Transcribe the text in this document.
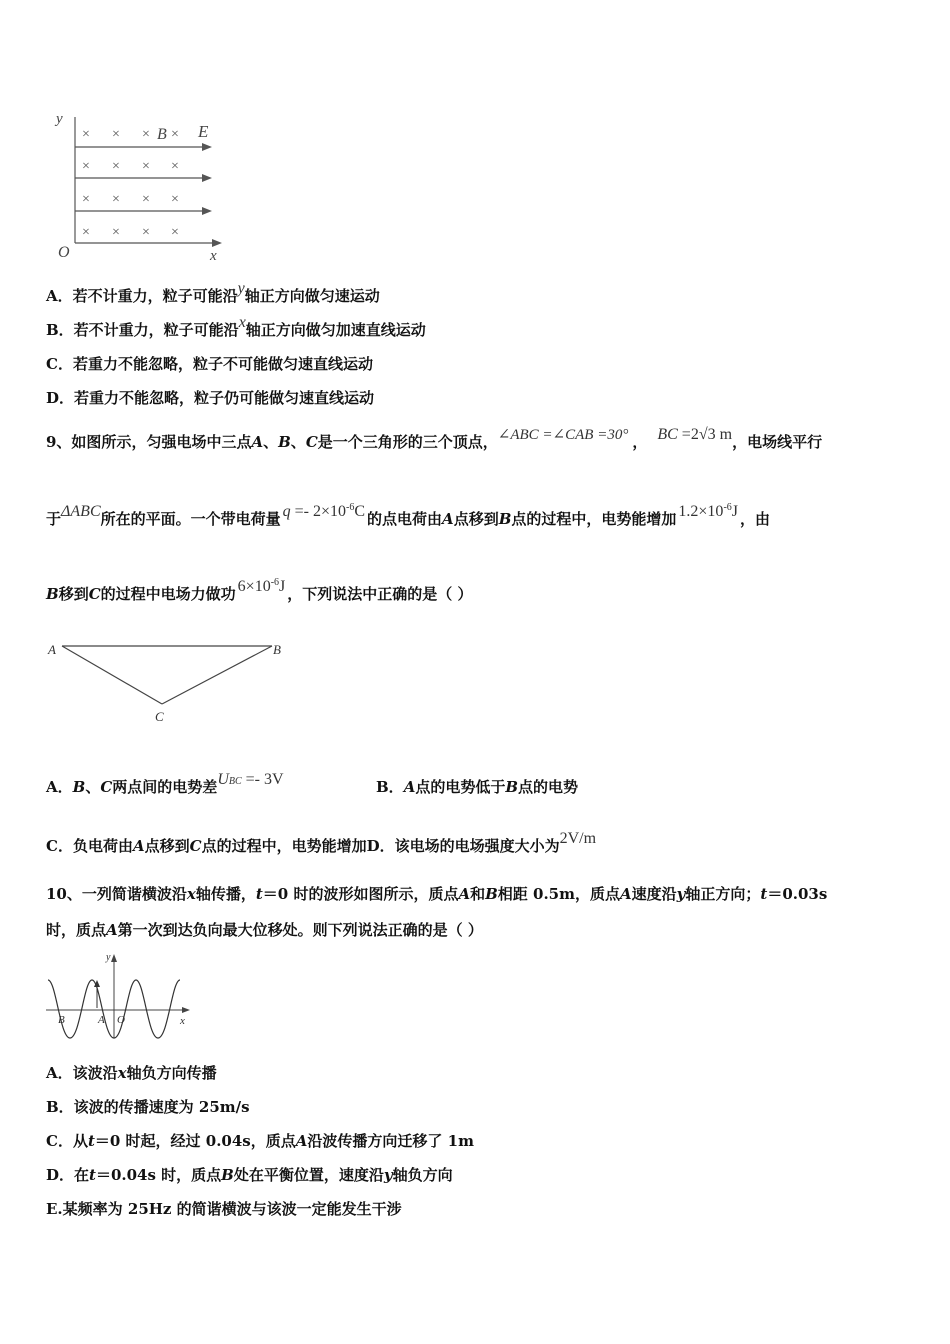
y
x
O
E
B
× × × ×
× × × ×
× × × ×
× × × ×
A．若不计重力，粒子可能沿y轴正方向做匀速运动
B．若不计重力，粒子可能沿x轴正方向做匀加速直线运动
C．若重力不能忽略，粒子不可能做匀速直线运动
D．若重力不能忽略，粒子仍可能做匀速直线运动
9、如图所示，匀强电场中三点A、B、C是一个三角形的三个顶点，∠ABC =∠CAB =30° ， BC =2√3 m，电场线平行
于ΔABC所在的平面。一个带电荷量 $q =- 2\times 10^{-6}C$ 的点电荷由A点移到B点的过程中，电势能增加 $1.2\times 10^{-6}J$ ，由
B移到C的过程中电场力做功 $6\times 10^{-6}J$ ，下列说法中正确的是（ ）
A	B
C
A．B、C两点间的电势差UBC =- 3V	B．A点的电势低于B点的电势
C．负电荷由A点移到C点的过程中，电势能增加D．该电场的电场强度大小为2V/m
10、一列简谐横波沿x轴传播，t＝0 时的波形如图所示，质点A和B相距 0.5m，质点A速度沿y轴正方向；t＝0.03s
时，质点A第一次到达负向最大位移处。则下列说法正确的是（ ）
y
x
O
A
B
A．该波沿x轴负方向传播
B．该波的传播速度为 25m/s
C．从t＝0 时起，经过 0.04s，质点A沿波传播方向迁移了 1m
D．在t＝0.04s 时，质点B处在平衡位置，速度沿y轴负方向
E.某频率为 25Hz 的简谐横波与该波一定能发生干涉
